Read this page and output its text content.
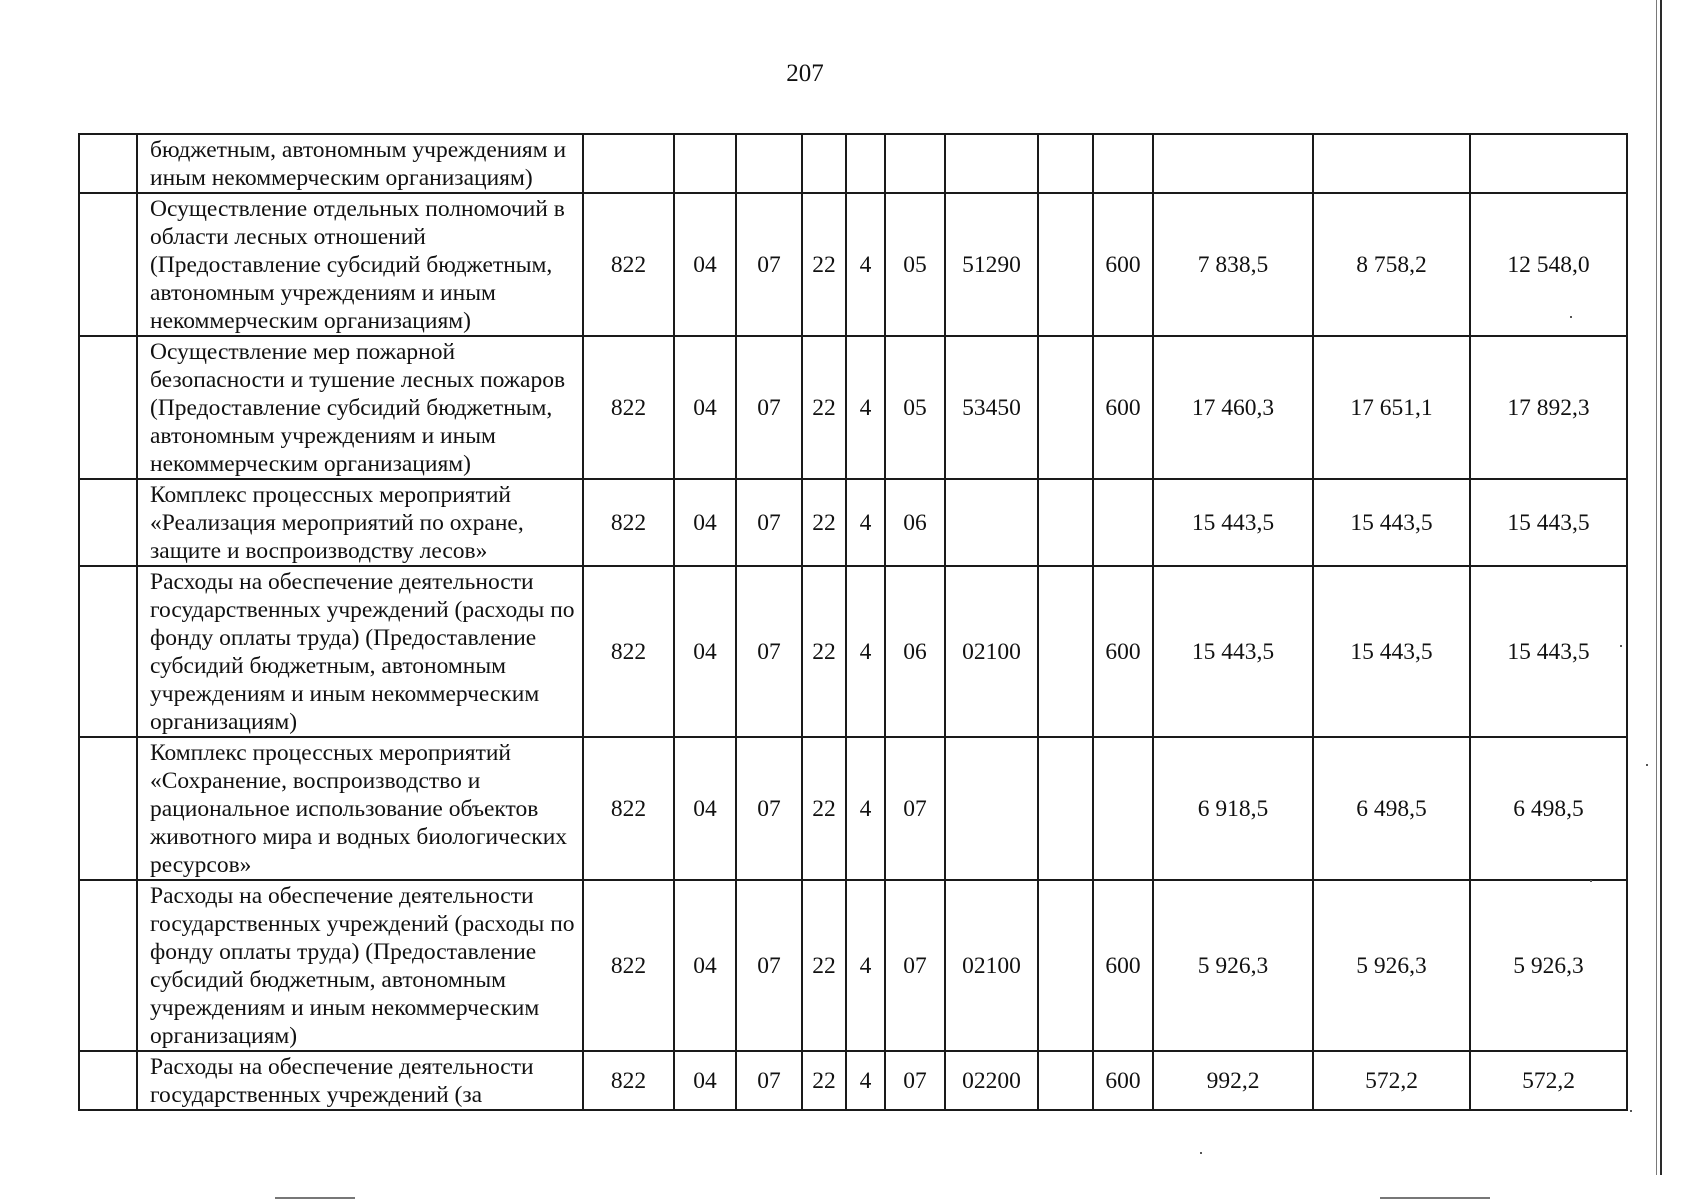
207
	бюджетным, автономным учреждениям и иным некоммерческим организациям)												
	Осуществление отдельных полномочий в области лесных отношений (Предоставление субсидий бюджетным, автономным учреждениям и иным некоммерческим организациям)	822	04	07	22	4	05	51290		600	7 838,5	8 758,2	12 548,0
	Осуществление мер пожарной безопасности и тушение лесных пожаров (Предоставление субсидий бюджетным, автономным учреждениям и иным некоммерческим организациям)	822	04	07	22	4	05	53450		600	17 460,3	17 651,1	17 892,3
	Комплекс процессных мероприятий «Реализация мероприятий по охране, защите и воспроизводству лесов»	822	04	07	22	4	06				15 443,5	15 443,5	15 443,5
	Расходы на обеспечение деятельности государственных учреждений (расходы по фонду оплаты труда) (Предоставление субсидий бюджетным, автономным учреждениям и иным некоммерческим организациям)	822	04	07	22	4	06	02100		600	15 443,5	15 443,5	15 443,5
	Комплекс процессных мероприятий «Сохранение, воспроизводство и рациональное использование объектов животного мира и водных биологических ресурсов»	822	04	07	22	4	07				6 918,5	6 498,5	6 498,5
	Расходы на обеспечение деятельности государственных учреждений (расходы по фонду оплаты труда) (Предоставление субсидий бюджетным, автономным учреждениям и иным некоммерческим организациям)	822	04	07	22	4	07	02100		600	5 926,3	5 926,3	5 926,3
	Расходы на обеспечение деятельности государственных учреждений (за	822	04	07	22	4	07	02200		600	992,2	572,2	572,2
